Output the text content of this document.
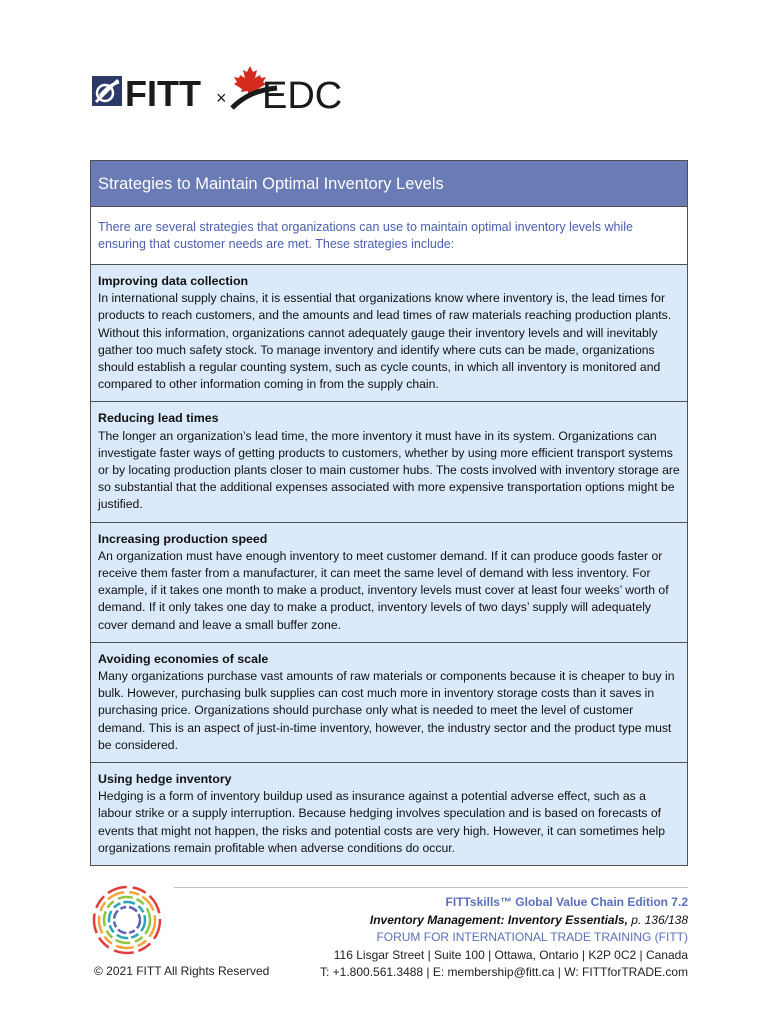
FITT × EDC
Strategies to Maintain Optimal Inventory Levels
There are several strategies that organizations can use to maintain optimal inventory levels while ensuring that customer needs are met. These strategies include:
Improving data collection
In international supply chains, it is essential that organizations know where inventory is, the lead times for products to reach customers, and the amounts and lead times of raw materials reaching production plants. Without this information, organizations cannot adequately gauge their inventory levels and will inevitably gather too much safety stock. To manage inventory and identify where cuts can be made, organizations should establish a regular counting system, such as cycle counts, in which all inventory is monitored and compared to other information coming in from the supply chain.
Reducing lead times
The longer an organization’s lead time, the more inventory it must have in its system. Organizations can investigate faster ways of getting products to customers, whether by using more efficient transport systems or by locating production plants closer to main customer hubs. The costs involved with inventory storage are so substantial that the additional expenses associated with more expensive transportation options might be justified.
Increasing production speed
An organization must have enough inventory to meet customer demand. If it can produce goods faster or receive them faster from a manufacturer, it can meet the same level of demand with less inventory. For example, if it takes one month to make a product, inventory levels must cover at least four weeks’ worth of demand. If it only takes one day to make a product, inventory levels of two days’ supply will adequately cover demand and leave a small buffer zone.
Avoiding economies of scale
Many organizations purchase vast amounts of raw materials or components because it is cheaper to buy in bulk. However, purchasing bulk supplies can cost much more in inventory storage costs than it saves in purchasing price. Organizations should purchase only what is needed to meet the level of customer demand. This is an aspect of just-in-time inventory, however, the industry sector and the product type must be considered.
Using hedge inventory
Hedging is a form of inventory buildup used as insurance against a potential adverse effect, such as a labour strike or a supply interruption. Because hedging involves speculation and is based on forecasts of events that might not happen, the risks and potential costs are very high. However, it can sometimes help organizations remain profitable when adverse conditions do occur.
© 2021 FITT All Rights Reserved
FITTskills™ Global Value Chain Edition 7.2
Inventory Management: Inventory Essentials, p. 136/138
FORUM FOR INTERNATIONAL TRADE TRAINING (FITT)
116 Lisgar Street | Suite 100 | Ottawa, Ontario | K2P 0C2 | Canada
T: +1.800.561.3488 | E: membership@fitt.ca | W: FITTforTRADE.com
